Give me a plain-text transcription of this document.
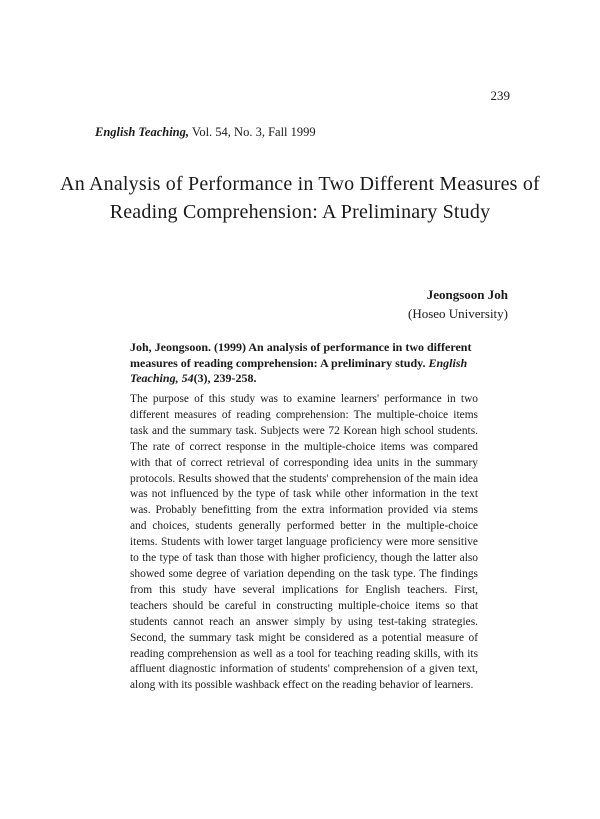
239
English Teaching, Vol. 54, No. 3, Fall 1999
An Analysis of Performance in Two Different Measures of Reading Comprehension: A Preliminary Study
Jeongsoon Joh
(Hoseo University)

Joh, Jeongsoon. (1999) An analysis of performance in two different measures of reading comprehension: A preliminary study. English Teaching, 54(3), 239-258.

The purpose of this study was to examine learners' performance in two different measures of reading comprehension: The multiple-choice items task and the summary task. Subjects were 72 Korean high school students. The rate of correct response in the multiple-choice items was compared with that of correct retrieval of corresponding idea units in the summary protocols. Results showed that the students' comprehension of the main idea was not influenced by the type of task while other information in the text was. Probably benefitting from the extra information provided via stems and choices, students generally performed better in the multiple-choice items. Students with lower target language proficiency were more sensitive to the type of task than those with higher proficiency, though the latter also showed some degree of variation depending on the task type. The findings from this study have several implications for English teachers. First, teachers should be careful in constructing multiple-choice items so that students cannot reach an answer simply by using test-taking strategies. Second, the summary task might be considered as a potential measure of reading comprehension as well as a tool for teaching reading skills, with its affluent diagnostic information of students' comprehension of a given text, along with its possible washback effect on the reading behavior of learners.
